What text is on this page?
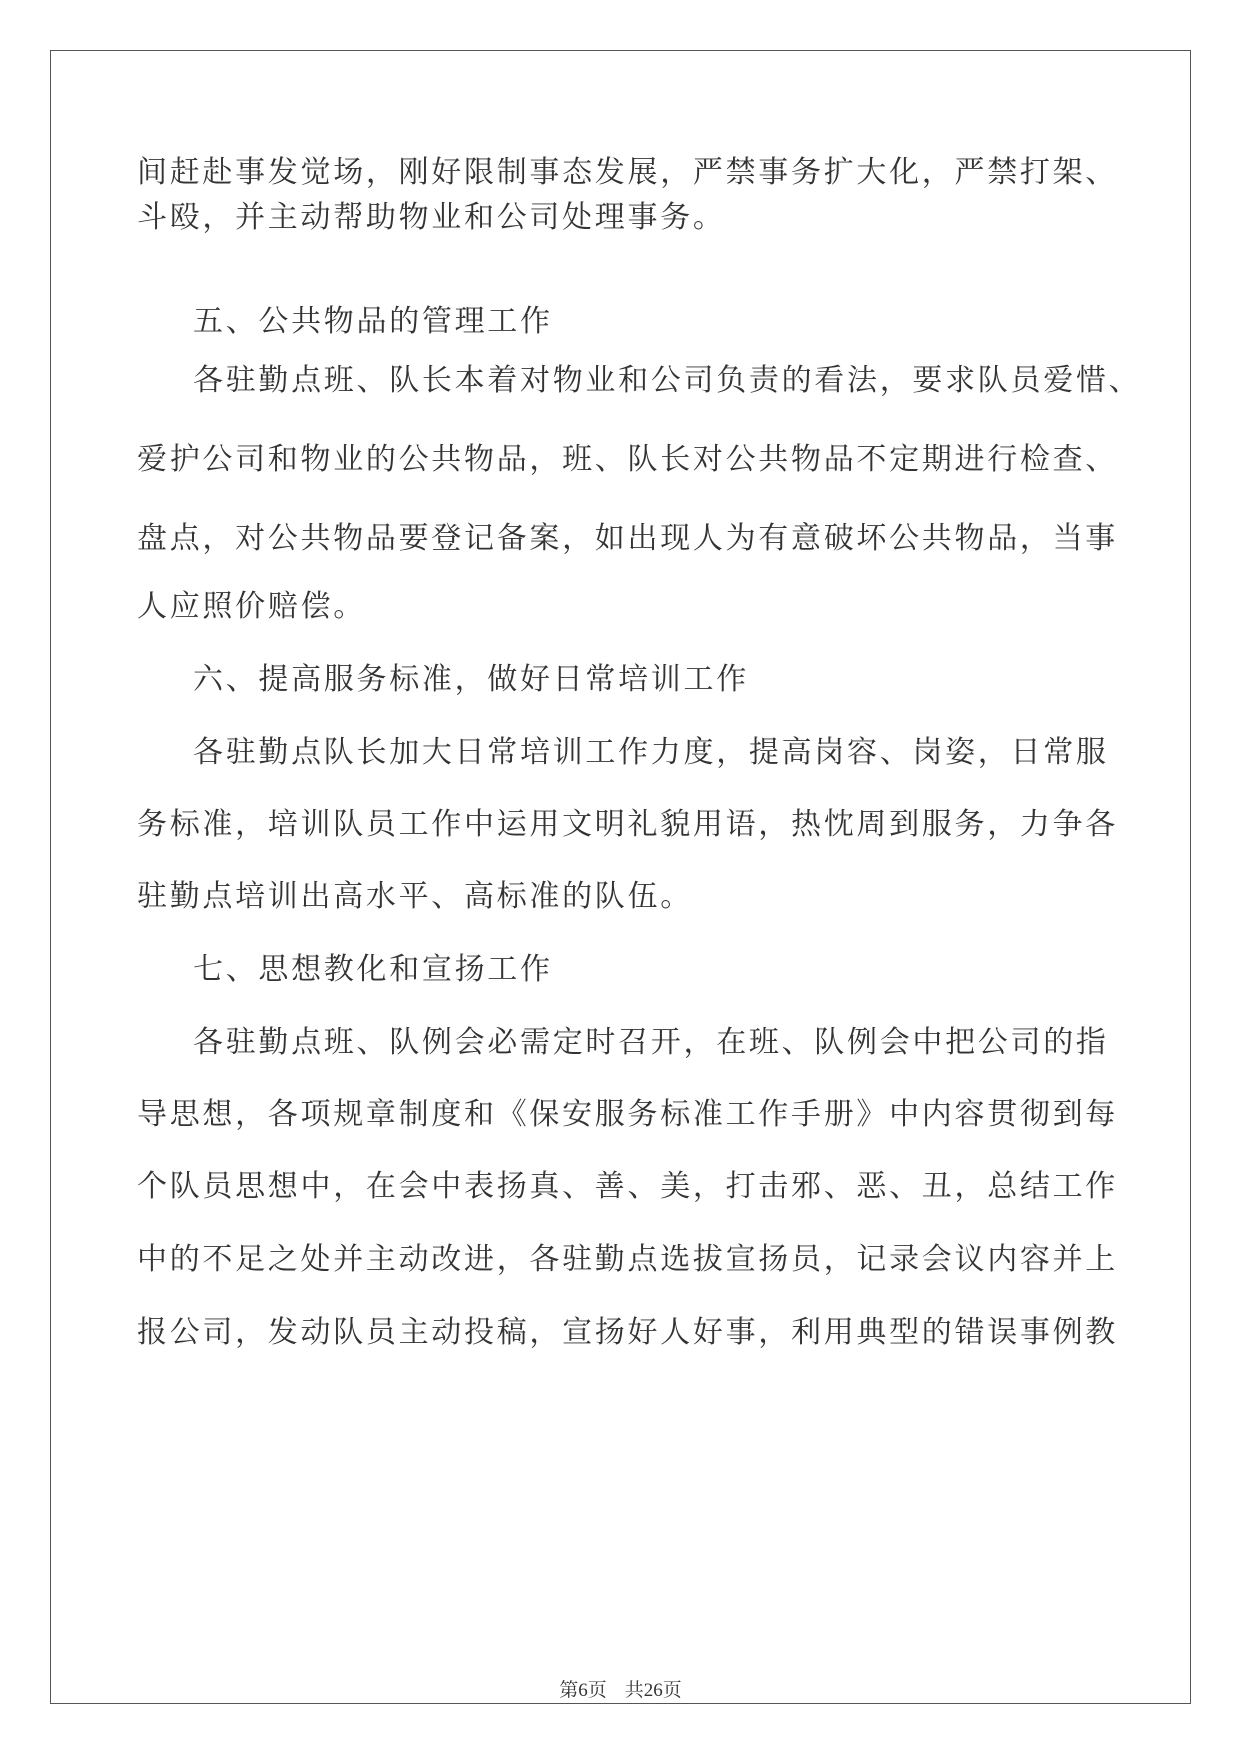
间赶赴事发觉场，刚好限制事态发展，严禁事务扩大化，严禁打架、

斗殴，并主动帮助物业和公司处理事务。

五、公共物品的管理工作

各驻勤点班、队长本着对物业和公司负责的看法，要求队员爱惜、

爱护公司和物业的公共物品，班、队长对公共物品不定期进行检查、

盘点，对公共物品要登记备案，如出现人为有意破坏公共物品，当事

人应照价赔偿。

六、提高服务标准，做好日常培训工作

各驻勤点队长加大日常培训工作力度，提高岗容、岗姿，日常服

务标准，培训队员工作中运用文明礼貌用语，热忱周到服务，力争各

驻勤点培训出高水平、高标准的队伍。

七、思想教化和宣扬工作

各驻勤点班、队例会必需定时召开，在班、队例会中把公司的指

导思想，各项规章制度和《保安服务标准工作手册》中内容贯彻到每

个队员思想中，在会中表扬真、善、美，打击邪、恶、丑，总结工作

中的不足之处并主动改进，各驻勤点选拔宣扬员，记录会议内容并上

报公司，发动队员主动投稿，宣扬好人好事，利用典型的错误事例教

第6页 共26页
